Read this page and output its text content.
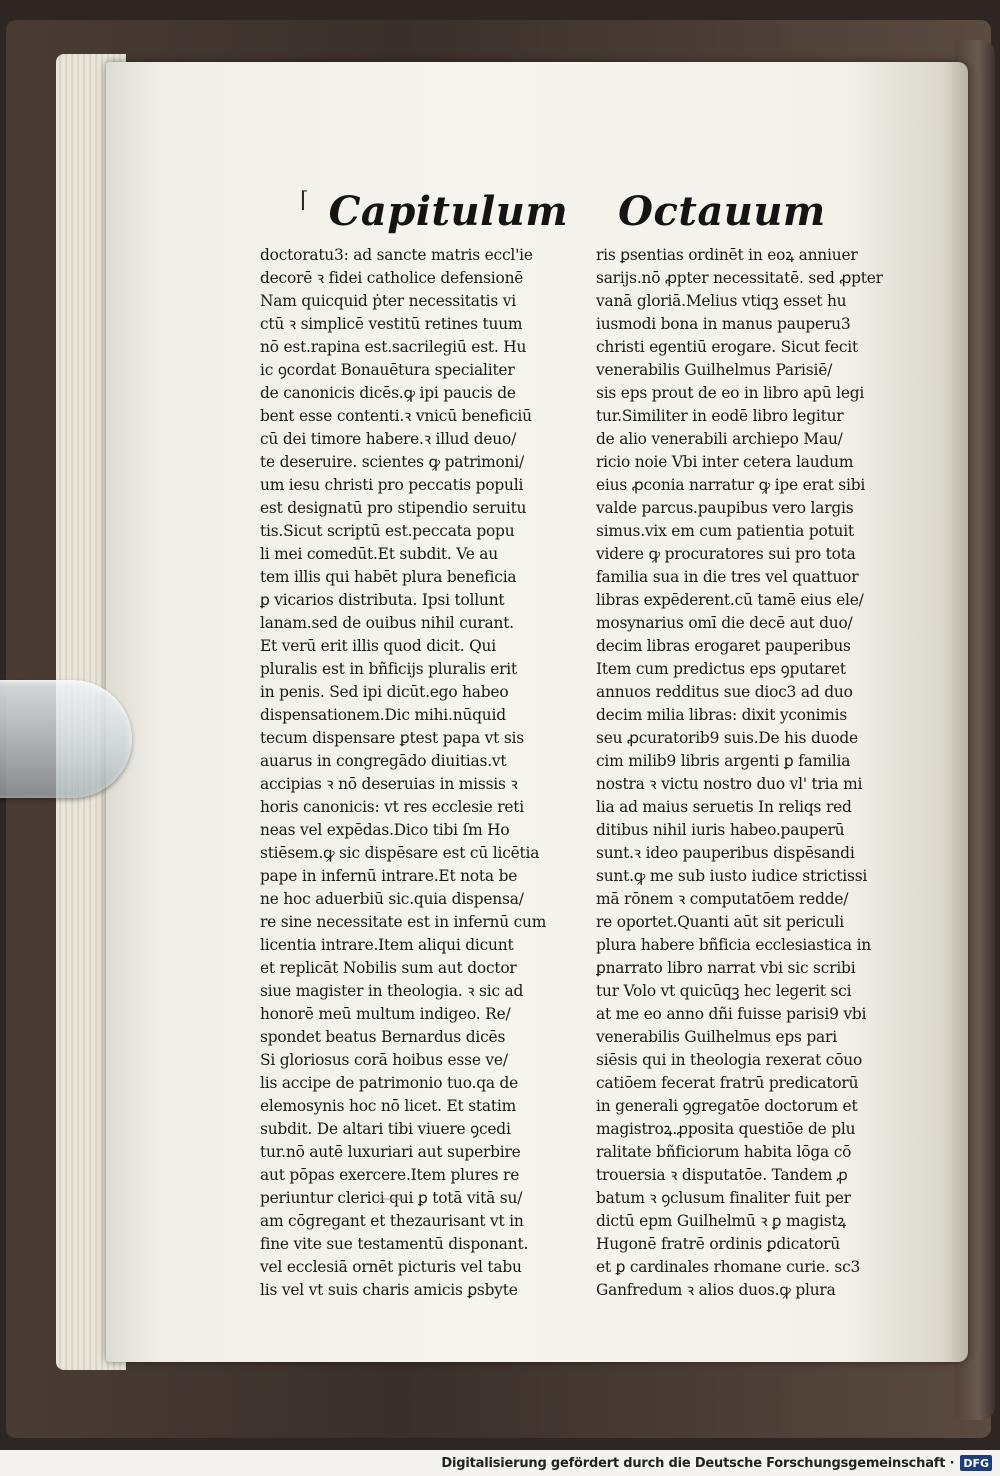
⌈ Capitulum Octauum
doctoratu3: ad sancte matris eccl'ie
decorē ꝛ fidei catholice defensionē
Nam quicquid ṗter necessitatis vi
ctū ꝛ simplicē vestitū retines tuum
nō est.rapina est.sacrilegiū est. Hu
ic ꝯcordat Bonauētura specialiter
de canonicis dicēs.ꝙ ipi paucis de
bent esse contenti.ꝛ vnicū beneficiū
cū dei timore habere.ꝛ illud deuo/
te deseruire. scientes ꝙ patrimoni/
um iesu christi pro peccatis populi
est designatū pro stipendio seruitu
tis.Sicut scriptū est.peccata popu
li mei comedūt.Et subdit. Ve au
tem illis qui habēt plura beneficia
ꝑ vicarios distributa. Ipsi tollunt
lanam.sed de ouibus nihil curant.
Et verū erit illis quod dicit. Qui
pluralis est in bñficijs pluralis erit
in penis. Sed ipi dicūt.ego habeo
dispensationem.Dic mihi.nūquid
tecum dispensare ꝑtest papa vt sis
auarus in congregādo diuitias.vt
accipias ꝛ nō deseruias in missis ꝛ
horis canonicis: vt res ecclesie reti
neas vel expēdas.Dico tibi ſm Ho
stiēsem.ꝙ sic dispēsare est cū licētia
pape in infernū intrare.Et nota be
ne hoc aduerbiū sic.quia dispensa/
re sine necessitate est in infernū cum
licentia intrare.Item aliqui dicunt
et replicāt Nobilis sum aut doctor
siue magister in theologia. ꝛ sic ad
honorē meū multum indigeo. Re/
spondet beatus Bernardus dicēs
Si gloriosus corā hoibus esse ve/
lis accipe de patrimonio tuo.qa de
elemosynis hoc nō licet. Et statim
subdit. De altari tibi viuere ꝯcedi
tur.nō autē luxuriari aut superbire
aut pōpas exercere.Item plures re
periuntur clerici qui ꝑ totā vitā su/
am cōgregant et thezaurisant vt in
fine vite sue testamentū disponant.
vel ecclesiā ornēt picturis vel tabu
lis vel vt suis charis amicis ꝑsbyte
ris ꝑsentias ordinēt in eoꝝ anniuer
sarijs.nō ꝓpter necessitatē. sed ꝓpter
vanā gloriā.Melius vtiqꝫ esset hu
iusmodi bona in manus pauperu3
christi egentiū erogare. Sicut fecit
venerabilis Guilhelmus Parisiē/
sis eps prout de eo in libro apū legi
tur.Similiter in eodē libro legitur
de alio venerabili archiepo Mau/
ricio noie Vbi inter cetera laudum
eius ꝓconia narratur ꝙ ipe erat sibi
valde parcus.paupibus vero largis
simus.vix em cum patientia potuit
videre ꝙ procuratores sui pro tota
familia sua in die tres vel quattuor
libras expēderent.cū tamē eius ele/
mosynarius omī die decē aut duo/
decim libras erogaret pauperibus
Item cum predictus eps ꝯputaret
annuos redditus sue dioc3 ad duo
decim milia libras: dixit yconimis
seu ꝓcuratorib9 suis.De his duode
cim milib9 libris argenti ꝑ familia
nostra ꝛ victu nostro duo vl' tria mi
lia ad maius seruetis In reliqs red
ditibus nihil iuris habeo.pauperū
sunt.ꝛ ideo pauperibus dispēsandi
sunt.ꝙ me sub iusto iudice strictissi
mā rōnem ꝛ computatōem redde/
re oportet.Quanti aūt sit periculi
plura habere bñficia ecclesiastica in
ꝑnarrato libro narrat vbi sic scribi
tur Volo vt quicūqꝫ hec legerit sci
at me eo anno dñi fuisse parisi9 vbi
venerabilis Guilhelmus eps pari
siēsis qui in theologia rexerat cōuo
catiōem fecerat fratrū predicatorū
in generali ꝯgregatōe doctorum et
magistroꝝ.ꝓposita questiōe de plu
ralitate bñficiorum habita lōga cō
trouersia ꝛ disputatōe. Tandem ꝓ
batum ꝛ ꝯclusum finaliter fuit per
dictū epm Guilhelmū ꝛ ꝑ magistꝝ
Hugonē fratrē ordinis ꝑdicatorū
et ꝑ cardinales rhomane curie. sc3
Ganfredum ꝛ alios duos.ꝙ plura
Digitalisierung gefördert durch die Deutsche Forschungsgemeinschaft · DFG
